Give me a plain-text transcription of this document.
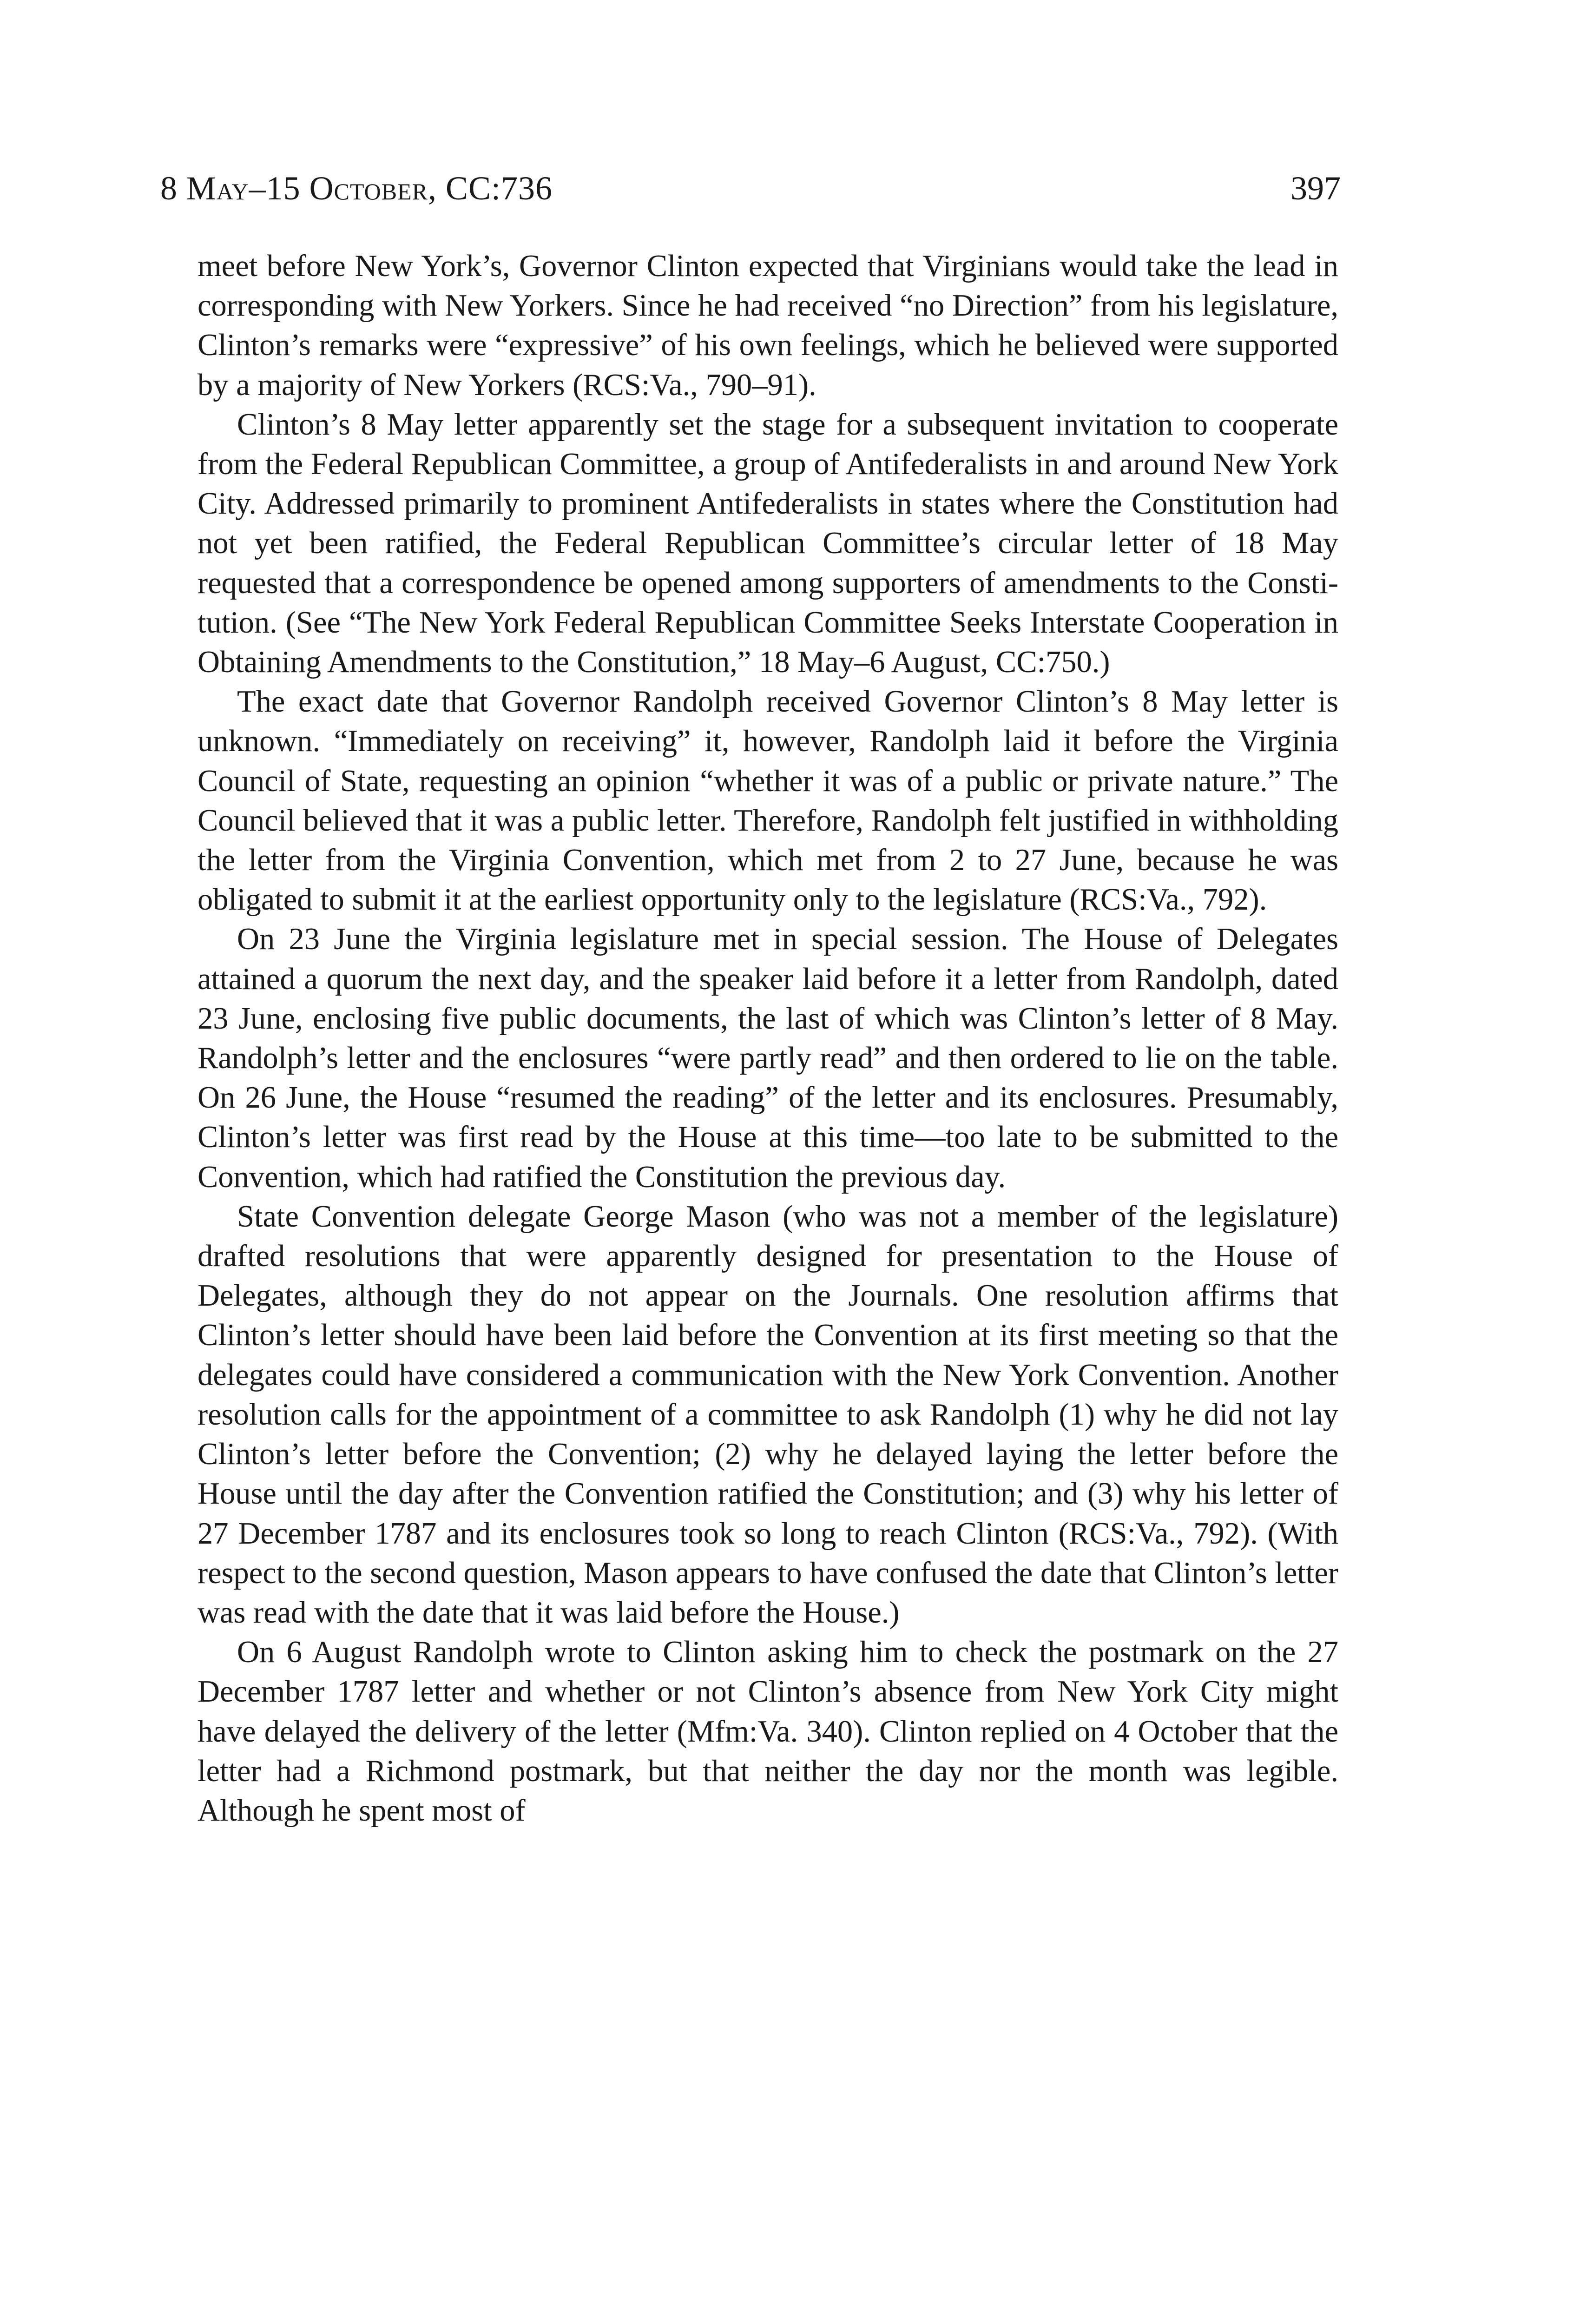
8 May–15 October, CC:736	397

meet before New York’s, Governor Clinton expected that Virginians would take the lead in corresponding with New Yorkers. Since he had received “no Direction” from his legislature, Clinton’s remarks were “expressive” of his own feelings, which he believed were supported by a majority of New Yorkers (RCS:Va., 790–91).

Clinton’s 8 May letter apparently set the stage for a subsequent invitation to cooperate from the Federal Republican Committee, a group of Antifederalists in and around New York City. Addressed primarily to prominent Antifederalists in states where the Constitution had not yet been ratified, the Federal Republican Committee’s circular letter of 18 May requested that a correspondence be opened among supporters of amendments to the Constitution. (See “The New York Federal Republican Committee Seeks Interstate Cooperation in Obtaining Amendments to the Constitution,” 18 May–6 August, CC:750.)

The exact date that Governor Randolph received Governor Clinton’s 8 May letter is unknown. “Immediately on receiving” it, however, Randolph laid it before the Virginia Council of State, requesting an opinion “whether it was of a public or private nature.” The Council believed that it was a public letter. Therefore, Randolph felt justified in withholding the letter from the Virginia Convention, which met from 2 to 27 June, because he was obligated to submit it at the earliest opportunity only to the legislature (RCS:Va., 792).

On 23 June the Virginia legislature met in special session. The House of Delegates attained a quorum the next day, and the speaker laid before it a letter from Randolph, dated 23 June, enclosing five public documents, the last of which was Clinton’s letter of 8 May. Randolph’s letter and the enclosures “were partly read” and then ordered to lie on the table. On 26 June, the House “resumed the reading” of the letter and its enclosures. Presumably, Clinton’s letter was first read by the House at this time—too late to be submitted to the Convention, which had ratified the Constitution the previous day.

State Convention delegate George Mason (who was not a member of the legislature) drafted resolutions that were apparently designed for presentation to the House of Delegates, although they do not appear on the Journals. One resolution affirms that Clinton’s letter should have been laid before the Convention at its first meeting so that the delegates could have considered a communication with the New York Convention. Another resolution calls for the appointment of a committee to ask Randolph (1) why he did not lay Clinton’s letter before the Convention; (2) why he delayed laying the letter before the House until the day after the Convention ratified the Constitution; and (3) why his letter of 27 December 1787 and its enclosures took so long to reach Clinton (RCS:Va., 792). (With respect to the second question, Mason appears to have confused the date that Clinton’s letter was read with the date that it was laid before the House.)

On 6 August Randolph wrote to Clinton asking him to check the postmark on the 27 December 1787 letter and whether or not Clinton’s absence from New York City might have delayed the delivery of the letter (Mfm:Va. 340). Clinton replied on 4 October that the letter had a Richmond postmark, but that neither the day nor the month was legible. Although he spent most of
